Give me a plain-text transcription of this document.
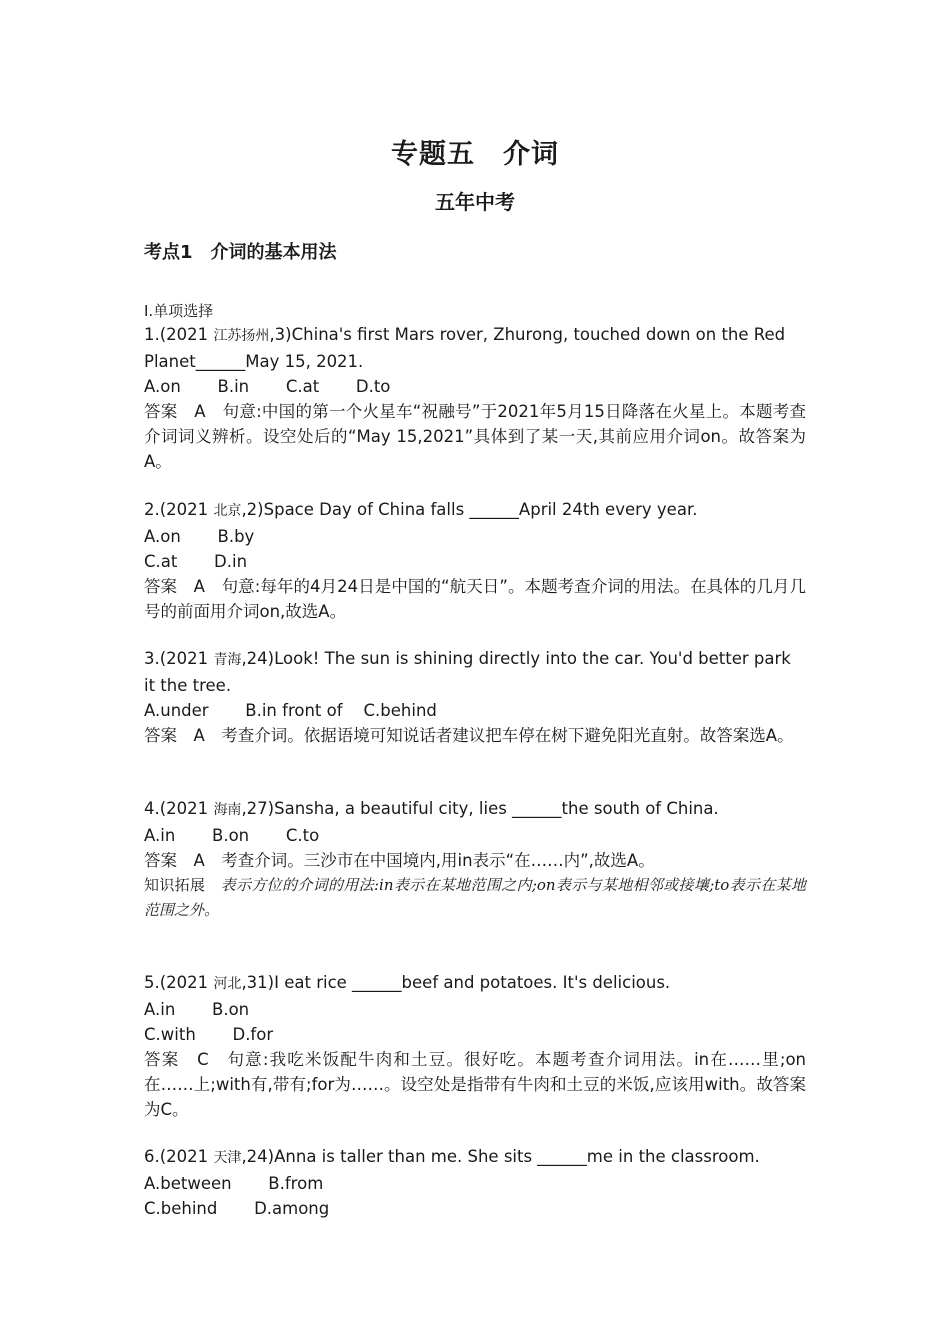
专题五　介词
五年中考
考点1　介词的基本用法
Ⅰ.单项选择
1.(2021 江苏扬州,3)China's first Mars rover, Zhurong, touched down on the Red Planet______May 15, 2021.
A.on       B.in       C.at       D.to
答案　A　句意:中国的第一个火星车“祝融号”于2021年5月15日降落在火星上。本题考查介词词义辨析。设空处后的“May 15,2021”具体到了某一天,其前应用介词on。故答案为A。
2.(2021 北京,2)Space Day of China falls ______April 24th every year.
A.on       B.by
C.at       D.in
答案　A　句意:每年的4月24日是中国的“航天日”。本题考查介词的用法。在具体的几月几号的前面用介词on,故选A。
3.(2021 青海,24)Look! The sun is shining directly into the car. You'd better park it the tree.
A.under       B.in front of    C.behind
答案　A　考查介词。依据语境可知说话者建议把车停在树下避免阳光直射。故答案选A。
4.(2021 海南,27)Sansha, a beautiful city, lies ______the south of China.
A.in       B.on       C.to
答案　A　考查介词。三沙市在中国境内,用in表示“在……内”,故选A。
知识拓展　 表示方位的介词的用法:in表示在某地范围之内;on表示与某地相邻或接壤;to表示在某地范围之外。
5.(2021 河北,31)I eat rice ______beef and potatoes. It's delicious.
A.in       B.on
C.with       D.for
答案　C　句意:我吃米饭配牛肉和土豆。很好吃。本题考查介词用法。in在……里;on在……上;with有,带有;for为……。设空处是指带有牛肉和土豆的米饭,应该用with。故答案为C。
6.(2021 天津,24)Anna is taller than me. She sits ______me in the classroom.
A.between       B.from
C.behind       D.among
